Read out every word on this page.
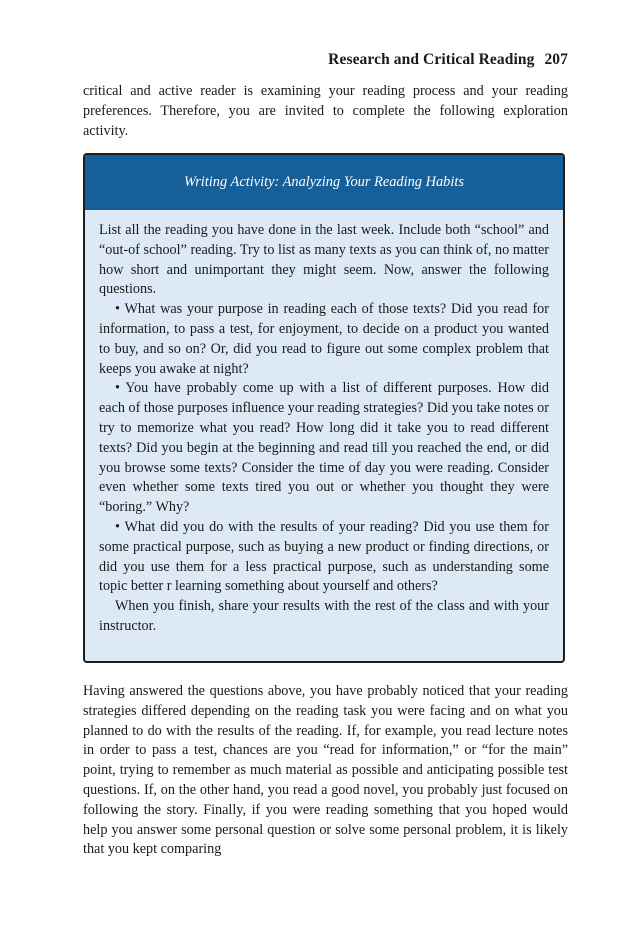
Research and Critical Reading 207

critical and active reader is examining your reading process and your reading preferences. Therefore, you are invited to complete the following exploration activity.

Writing Activity: Analyzing Your Reading Habits

List all the reading you have done in the last week. Include both “school” and “out-of school” reading. Try to list as many texts as you can think of, no matter how short and unimportant they might seem. Now, answer the following questions.

• What was your purpose in reading each of those texts? Did you read for information, to pass a test, for enjoyment, to decide on a product you wanted to buy, and so on? Or, did you read to figure out some complex problem that keeps you awake at night?

• You have probably come up with a list of different purposes. How did each of those purposes influence your reading strategies? Did you take notes or try to memorize what you read? How long did it take you to read different texts? Did you begin at the beginning and read till you reached the end, or did you browse some texts? Consider the time of day you were reading. Consider even whether some texts tired you out or whether you thought they were “boring.” Why?

• What did you do with the results of your reading? Did you use them for some practical purpose, such as buying a new product or finding directions, or did you use them for a less practical purpose, such as understanding some topic better r learning something about yourself and others?

When you finish, share your results with the rest of the class and with your instructor.

Having answered the questions above, you have probably noticed that your reading strategies differed depending on the reading task you were facing and on what you planned to do with the results of the reading. If, for example, you read lecture notes in order to pass a test, chances are you “read for information,” or “for the main” point, trying to remember as much material as possible and anticipating possible test questions. If, on the other hand, you read a good novel, you probably just focused on following the story. Finally, if you were reading something that you hoped would help you answer some personal question or solve some personal problem, it is likely that you kept comparing
